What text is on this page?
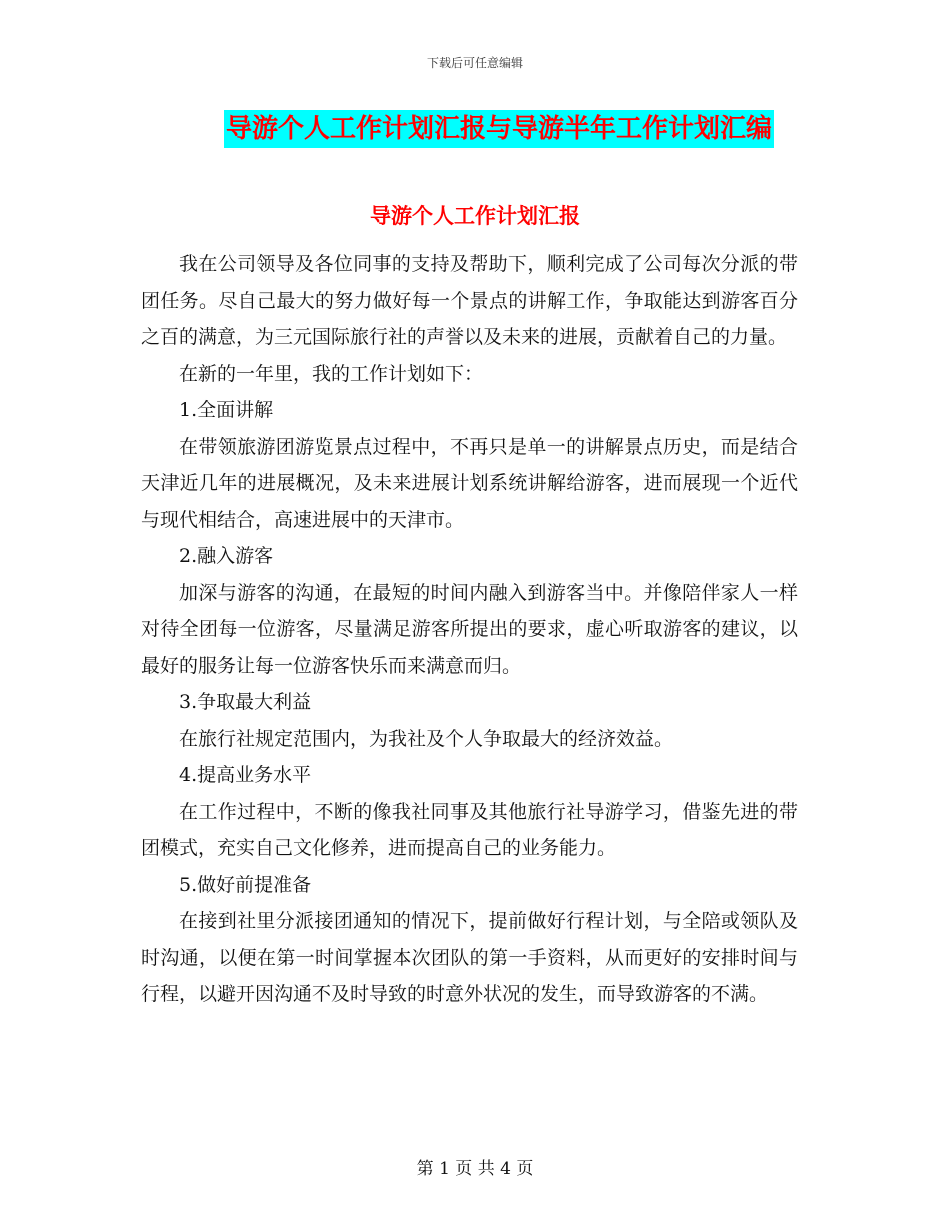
下载后可任意编辑
导游个人工作计划汇报与导游半年工作计划汇编
导游个人工作计划汇报

我在公司领导及各位同事的支持及帮助下，顺利完成了公司每次分派的带团任务。尽自己最大的努力做好每一个景点的讲解工作，争取能达到游客百分之百的满意，为三元国际旅行社的声誉以及未来的进展，贡献着自己的力量。

在新的一年里，我的工作计划如下：

1.全面讲解

在带领旅游团游览景点过程中，不再只是单一的讲解景点历史，而是结合天津近几年的进展概况，及未来进展计划系统讲解给游客，进而展现一个近代与现代相结合，高速进展中的天津市。

2.融入游客

加深与游客的沟通，在最短的时间内融入到游客当中。并像陪伴家人一样对待全团每一位游客，尽量满足游客所提出的要求，虚心听取游客的建议，以最好的服务让每一位游客快乐而来满意而归。

3.争取最大利益

在旅行社规定范围内，为我社及个人争取最大的经济效益。

4.提高业务水平

在工作过程中，不断的像我社同事及其他旅行社导游学习，借鉴先进的带团模式，充实自己文化修养，进而提高自己的业务能力。

5.做好前提准备

在接到社里分派接团通知的情况下，提前做好行程计划，与全陪或领队及时沟通，以便在第一时间掌握本次团队的第一手资料，从而更好的安排时间与行程，以避开因沟通不及时导致的时意外状况的发生，而导致游客的不满。

第 1 页 共 4 页
